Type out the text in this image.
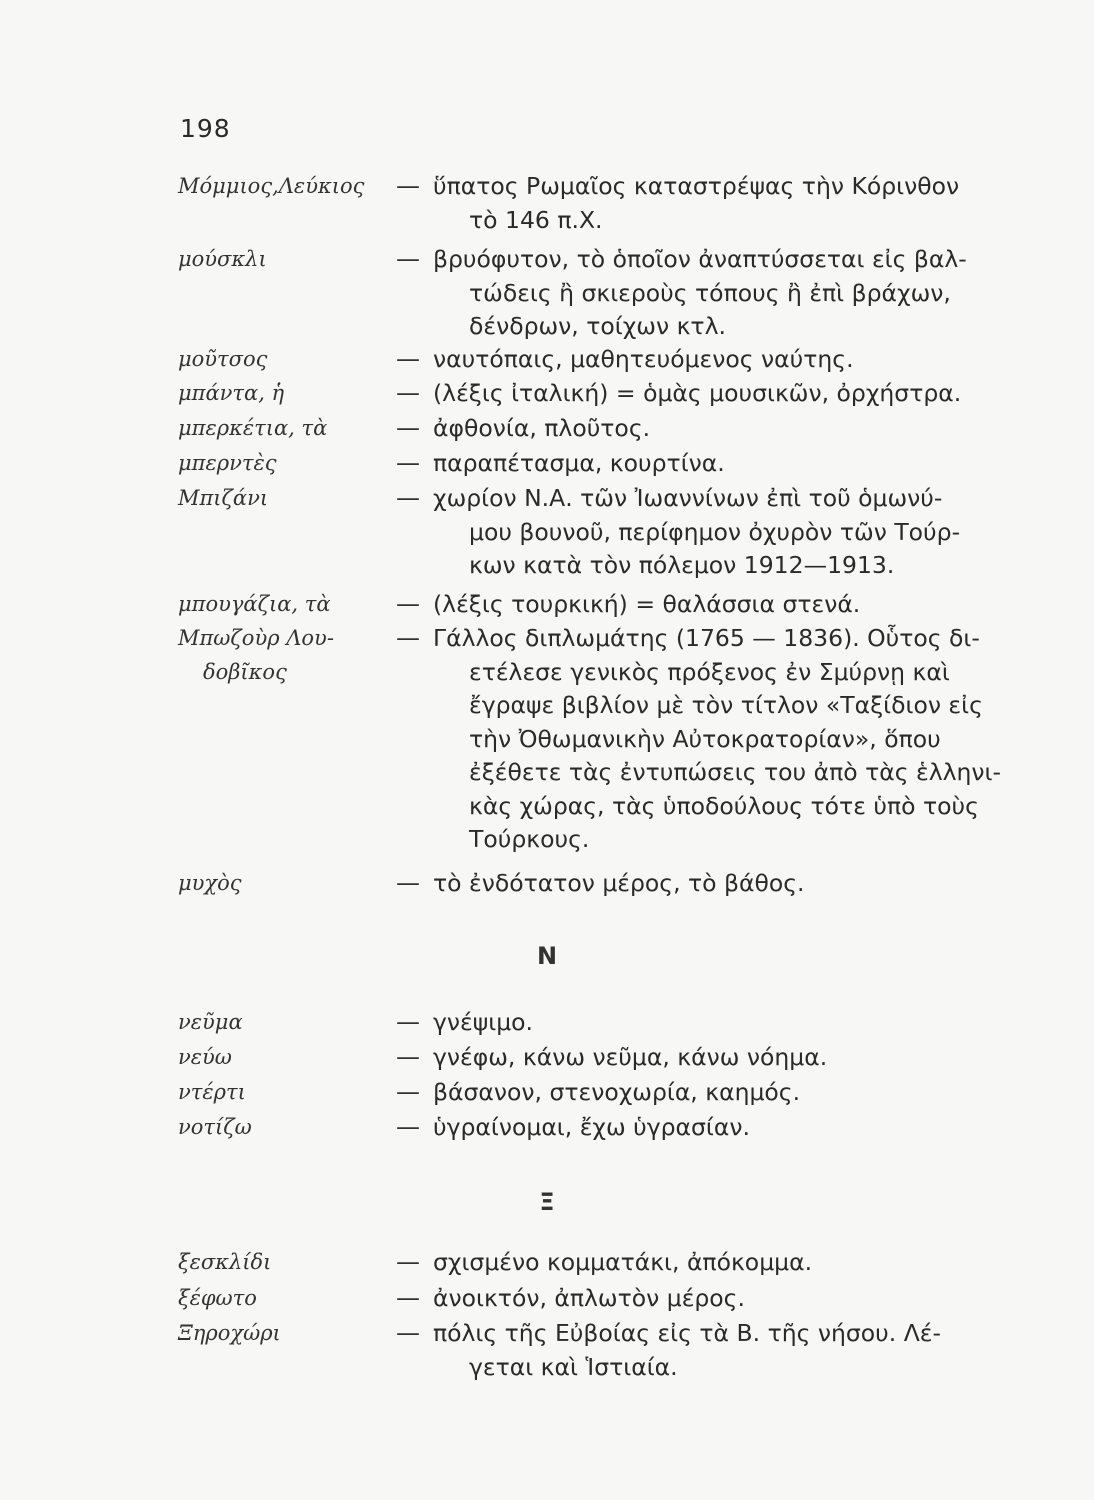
198
Μόμμιος,Λεύκιος — ὕπατος Ρωμαῖος καταστρέψας τὴν Κόρινθον
τὸ 146 π.Χ.
μούσκλι	— βρυόφυτον, τὸ ὁποῖον ἀναπτύσσεται εἰς βαλ-
τώδεις ἢ σκιεροὺς τόπους ἢ ἐπὶ βράχων,
δένδρων, τοίχων κτλ.
μοῦτσος	— ναυτόπαις, μαθητευόμενος ναύτης.
μπάντα, ἡ	— (λέξις ἰταλική) = ὁμὰς μουσικῶν, ὀρχήστρα.
μπερκέτια, τὰ	— ἀφθονία, πλοῦτος.
μπερντὲς	— παραπέτασμα, κουρτίνα.
Μπιζάνι	— χωρίον Ν.Α. τῶν Ἰωαννίνων ἐπὶ τοῦ ὁμωνύ-
μου βουνοῦ, περίφημον ὀχυρὸν τῶν Τούρ-
κων κατὰ τὸν πόλεμον 1912—1913.
μπουγάζια, τὰ	— (λέξις τουρκική) = θαλάσσια στενά.
Μπωζοὺρ Λου-
δοβῖκος
— Γάλλος διπλωμάτης (1765 — 1836). Οὗτος δι-
ετέλεσε γενικὸς πρόξενος ἐν Σμύρνῃ καὶ
ἔγραψε βιβλίον μὲ τὸν τίτλον «Ταξίδιον εἰς
τὴν Ὀθωμανικὴν Αὐτοκρατορίαν», ὅπου
ἐξέθετε τὰς ἐντυπώσεις του ἀπὸ τὰς ἑλληνι-
κὰς χώρας, τὰς ὑποδούλους τότε ὑπὸ τοὺς
Τούρκους.
μυχὸς	— τὸ ἐνδότατον μέρος, τὸ βάθος.
N
νεῦμα	— γνέψιμο.
νεύω	— γνέφω, κάνω νεῦμα, κάνω νόημα.
ντέρτι	— βάσανον, στενοχωρία, καημός.
νοτίζω	— ὑγραίνομαι, ἔχω ὑγρασίαν.
Ξ
ξεσκλίδι	— σχισμένο κομματάκι, ἀπόκομμα.
ξέφωτο	— ἀνοικτόν, ἀπλωτὸν μέρος.
Ξηροχώρι	— πόλις τῆς Εὐβοίας εἰς τὰ Β. τῆς νήσου. Λέ-
γεται καὶ Ἱστιαία.
